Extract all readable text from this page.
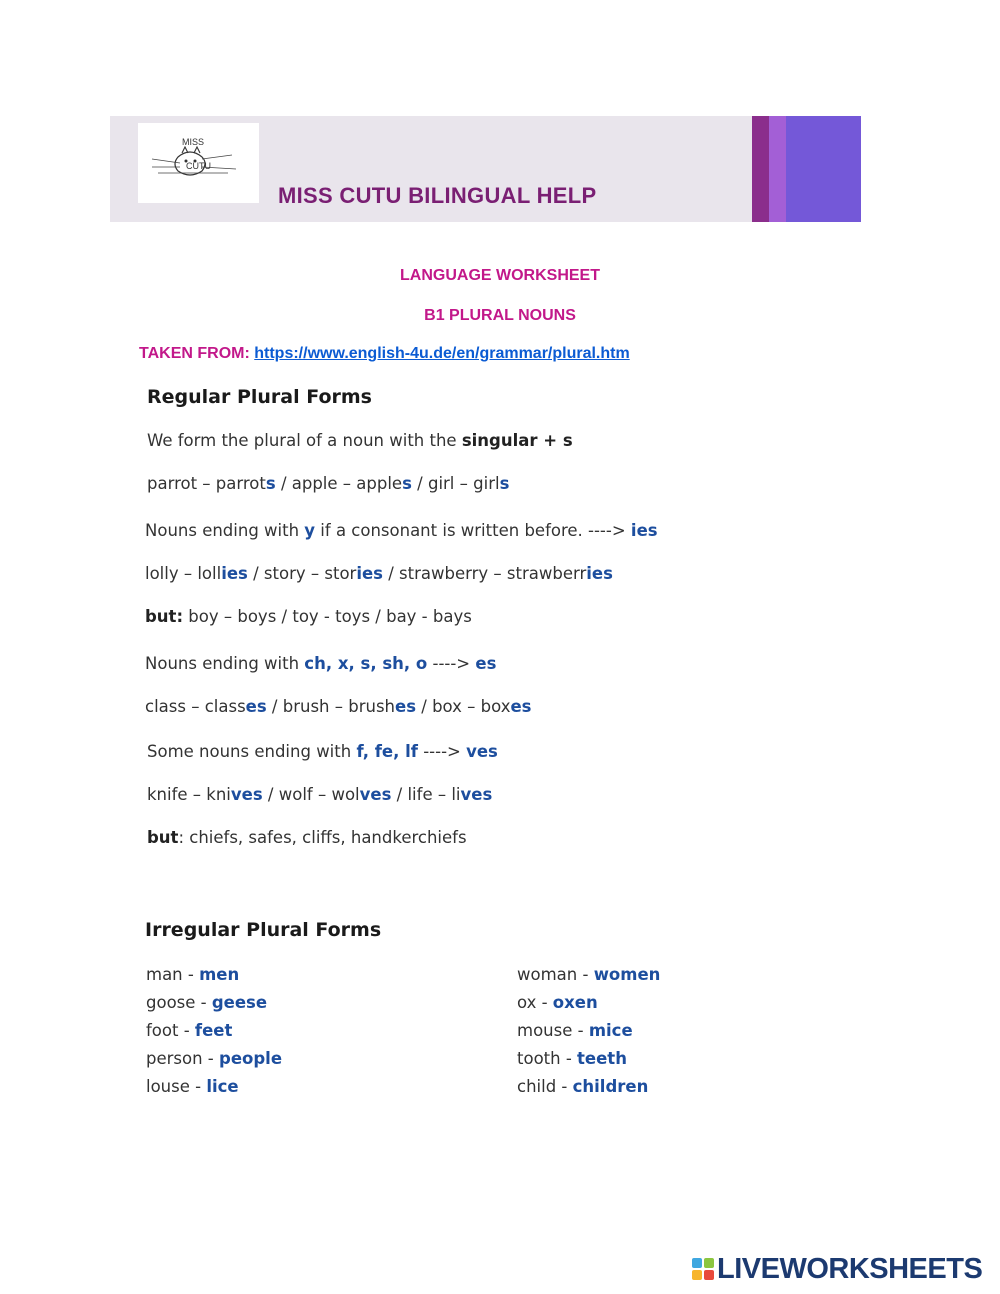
MISS
CUTU
MISS CUTU BILINGUAL HELP
LANGUAGE WORKSHEET
B1 PLURAL NOUNS
TAKEN FROM: https://www.english-4u.de/en/grammar/plural.htm
Regular Plural Forms
We form the plural of a noun with the singular + s
parrot – parrots / apple – apples / girl – girls
Nouns ending with y if a consonant is written before. ----> ies
lolly – lollies / story – stories / strawberry – strawberries
but: boy – boys / toy - toys / bay - bays
Nouns ending with ch, x, s, sh, o ----> es
class – classes / brush – brushes / box – boxes
Some nouns ending with f, fe, lf ----> ves
knife – knives / wolf – wolves / life – lives
but: chiefs, safes, cliffs, handkerchiefs
Irregular Plural Forms
man - men
goose - geese
foot - feet
person - people
louse - lice
woman - women
ox - oxen
mouse - mice
tooth - teeth
child - children
LIVEWORKSHEETS
